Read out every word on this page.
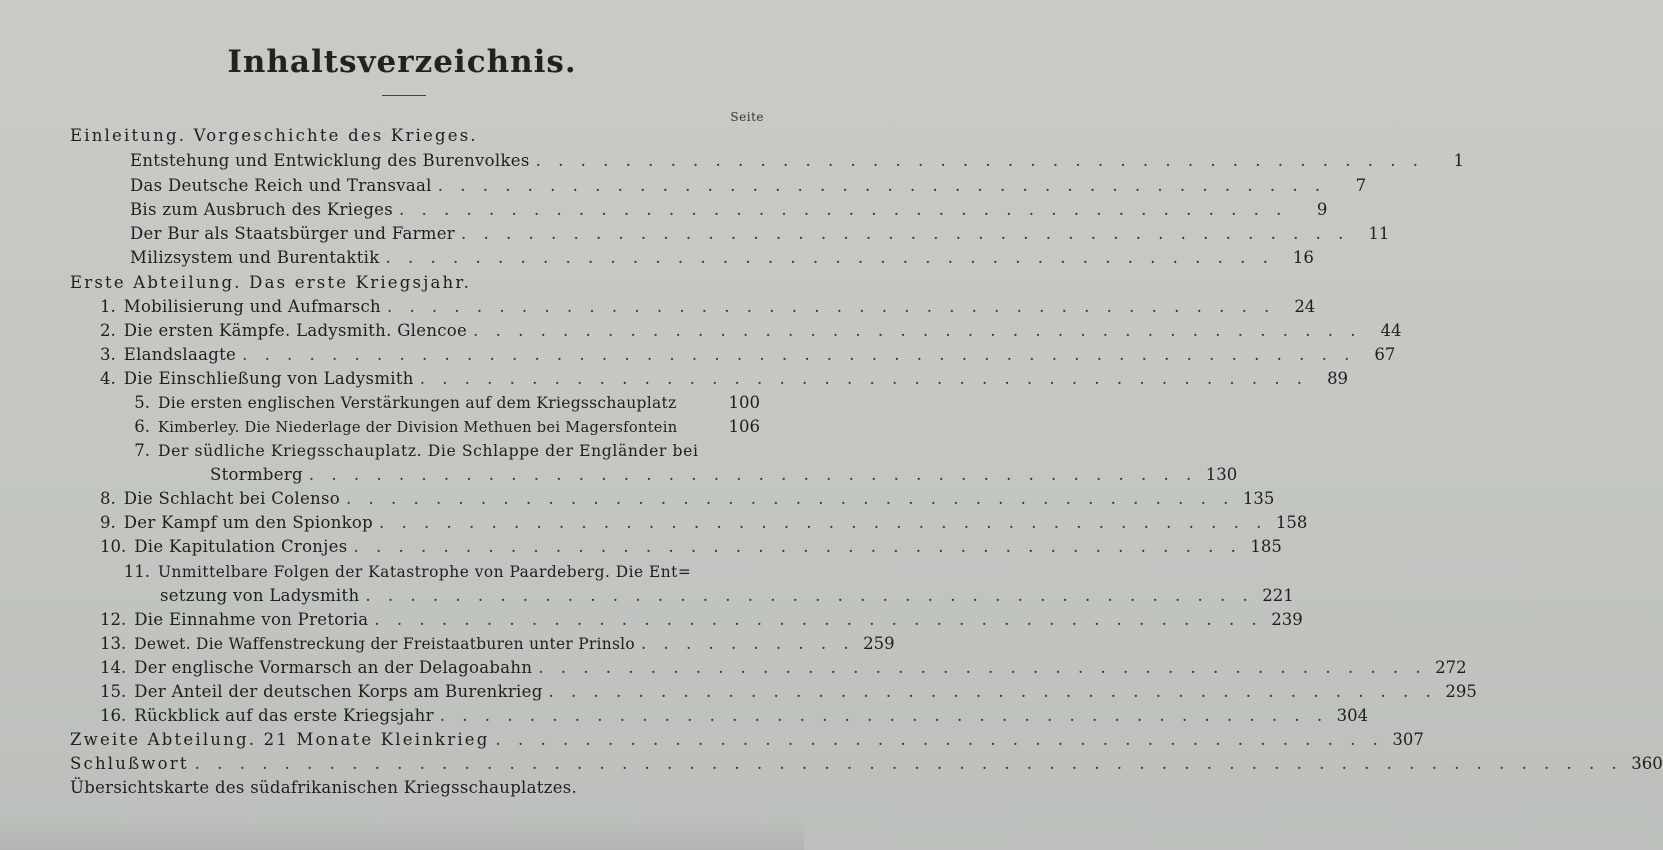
Inhaltsverzeichnis.
Seite
Einleitung. Vorgeschichte des Krieges.
Entstehung und Entwicklung des Burenvolkes . . . . . . . . . . . . . . . . . . . . . . . . . . . . . . . . . . . . . . . .	1
Das Deutsche Reich und Transvaal . . . . . . . . . . . . . . . . . . . . . . . . . . . . . . . . . . . . . . . .	7
Bis zum Ausbruch des Krieges . . . . . . . . . . . . . . . . . . . . . . . . . . . . . . . . . . . . . . . .	9
Der Bur als Staatsbürger und Farmer . . . . . . . . . . . . . . . . . . . . . . . . . . . . . . . . . . . . . . . .	11
Milizsystem und Burentaktik . . . . . . . . . . . . . . . . . . . . . . . . . . . . . . . . . . . . . . . .	16
Erste Abteilung. Das erste Kriegsjahr.
1. Mobilisierung und Aufmarsch . . . . . . . . . . . . . . . . . . . . . . . . . . . . . . . . . . . . . . . .	24
2. Die ersten Kämpfe. Ladysmith. Glencoe . . . . . . . . . . . . . . . . . . . . . . . . . . . . . . . . . . . . . . . .	44
3. Elandslaagte . . . . . . . . . . . . . . . . . . . . . . . . . . . . . . . . . . . . . . . . . . . . . . . . . .	67
4. Die Einschließung von Ladysmith . . . . . . . . . . . . . . . . . . . . . . . . . . . . . . . . . . . . . . . .	89
5. Die ersten englischen Verstärkungen auf dem Kriegsschauplatz	100
6. Kimberley. Die Niederlage der Division Methuen bei Magersfontein	106
7. Der südliche Kriegsschauplatz. Die Schlappe der Engländer bei
Stormberg . . . . . . . . . . . . . . . . . . . . . . . . . . . . . . . . . . . . . . . . 130
8. Die Schlacht bei Colenso . . . . . . . . . . . . . . . . . . . . . . . . . . . . . . . . . . . . . . . . 135
9. Der Kampf um den Spionkop . . . . . . . . . . . . . . . . . . . . . . . . . . . . . . . . . . . . . . . . 158
10. Die Kapitulation Cronjes . . . . . . . . . . . . . . . . . . . . . . . . . . . . . . . . . . . . . . . . 185
11. Unmittelbare Folgen der Katastrophe von Paardeberg. Die Ent=
setzung von Ladysmith . . . . . . . . . . . . . . . . . . . . . . . . . . . . . . . . . . . . . . . . 221
12. Die Einnahme von Pretoria . . . . . . . . . . . . . . . . . . . . . . . . . . . . . . . . . . . . . . . . 239
13. Dewet. Die Waffenstreckung der Freistaatburen unter Prinslo . . . . . . . . . . 259
14. Der englische Vormarsch an der Delagoabahn . . . . . . . . . . . . . . . . . . . . . . . . . . . . . . . . . . . . . . . . 272
15. Der Anteil der deutschen Korps am Burenkrieg . . . . . . . . . . . . . . . . . . . . . . . . . . . . . . . . . . . . . . . . 295
16. Rückblick auf das erste Kriegsjahr . . . . . . . . . . . . . . . . . . . . . . . . . . . . . . . . . . . . . . . . 304
Zweite Abteilung. 21 Monate Kleinkrieg . . . . . . . . . . . . . . . . . . . . . . . . . . . . . . . . . . . . . . . . 307
Schlußwort . . . . . . . . . . . . . . . . . . . . . . . . . . . . . . . . . . . . . . . . . . . . . . . . . . . . . . . . . . . . . . . . 360
Übersichtskarte des südafrikanischen Kriegsschauplatzes.
